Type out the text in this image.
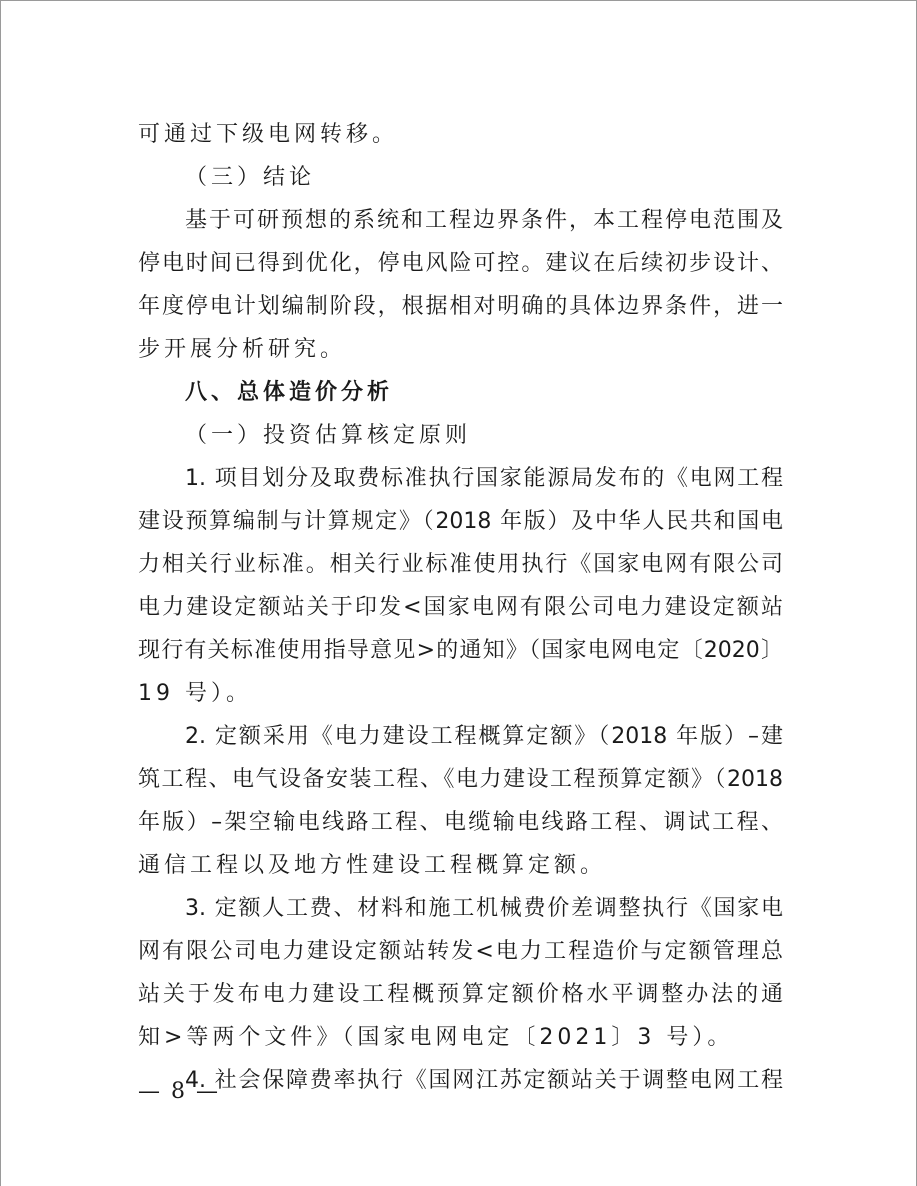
可通过下级电网转移。
（三）结论
基于可研预想的系统和工程边界条件，本工程停电范围及
停电时间已得到优化，停电风险可控。建议在后续初步设计、
年度停电计划编制阶段，根据相对明确的具体边界条件，进一
步开展分析研究。
八、总体造价分析
（一）投资估算核定原则
1. 项目划分及取费标准执行国家能源局发布的《电网工程
建设预算编制与计算规定》（2018 年版）及中华人民共和国电
力相关行业标准。相关行业标准使用执行《国家电网有限公司
电力建设定额站关于印发<国家电网有限公司电力建设定额站
现行有关标准使用指导意见>的通知》（国家电网电定〔2020〕
19 号）。
2. 定额采用《电力建设工程概算定额》（2018 年版）–建
筑工程、电气设备安装工程、《电力建设工程预算定额》（2018
年版）–架空输电线路工程、电缆输电线路工程、调试工程、
通信工程以及地方性建设工程概算定额。
3. 定额人工费、材料和施工机械费价差调整执行《国家电
网有限公司电力建设定额站转发<电力工程造价与定额管理总
站关于发布电力建设工程概预算定额价格水平调整办法的通
知>等两个文件》（国家电网电定〔2021〕3 号）。
4. 社会保障费率执行《国网江苏定额站关于调整电网工程
— 8 —
